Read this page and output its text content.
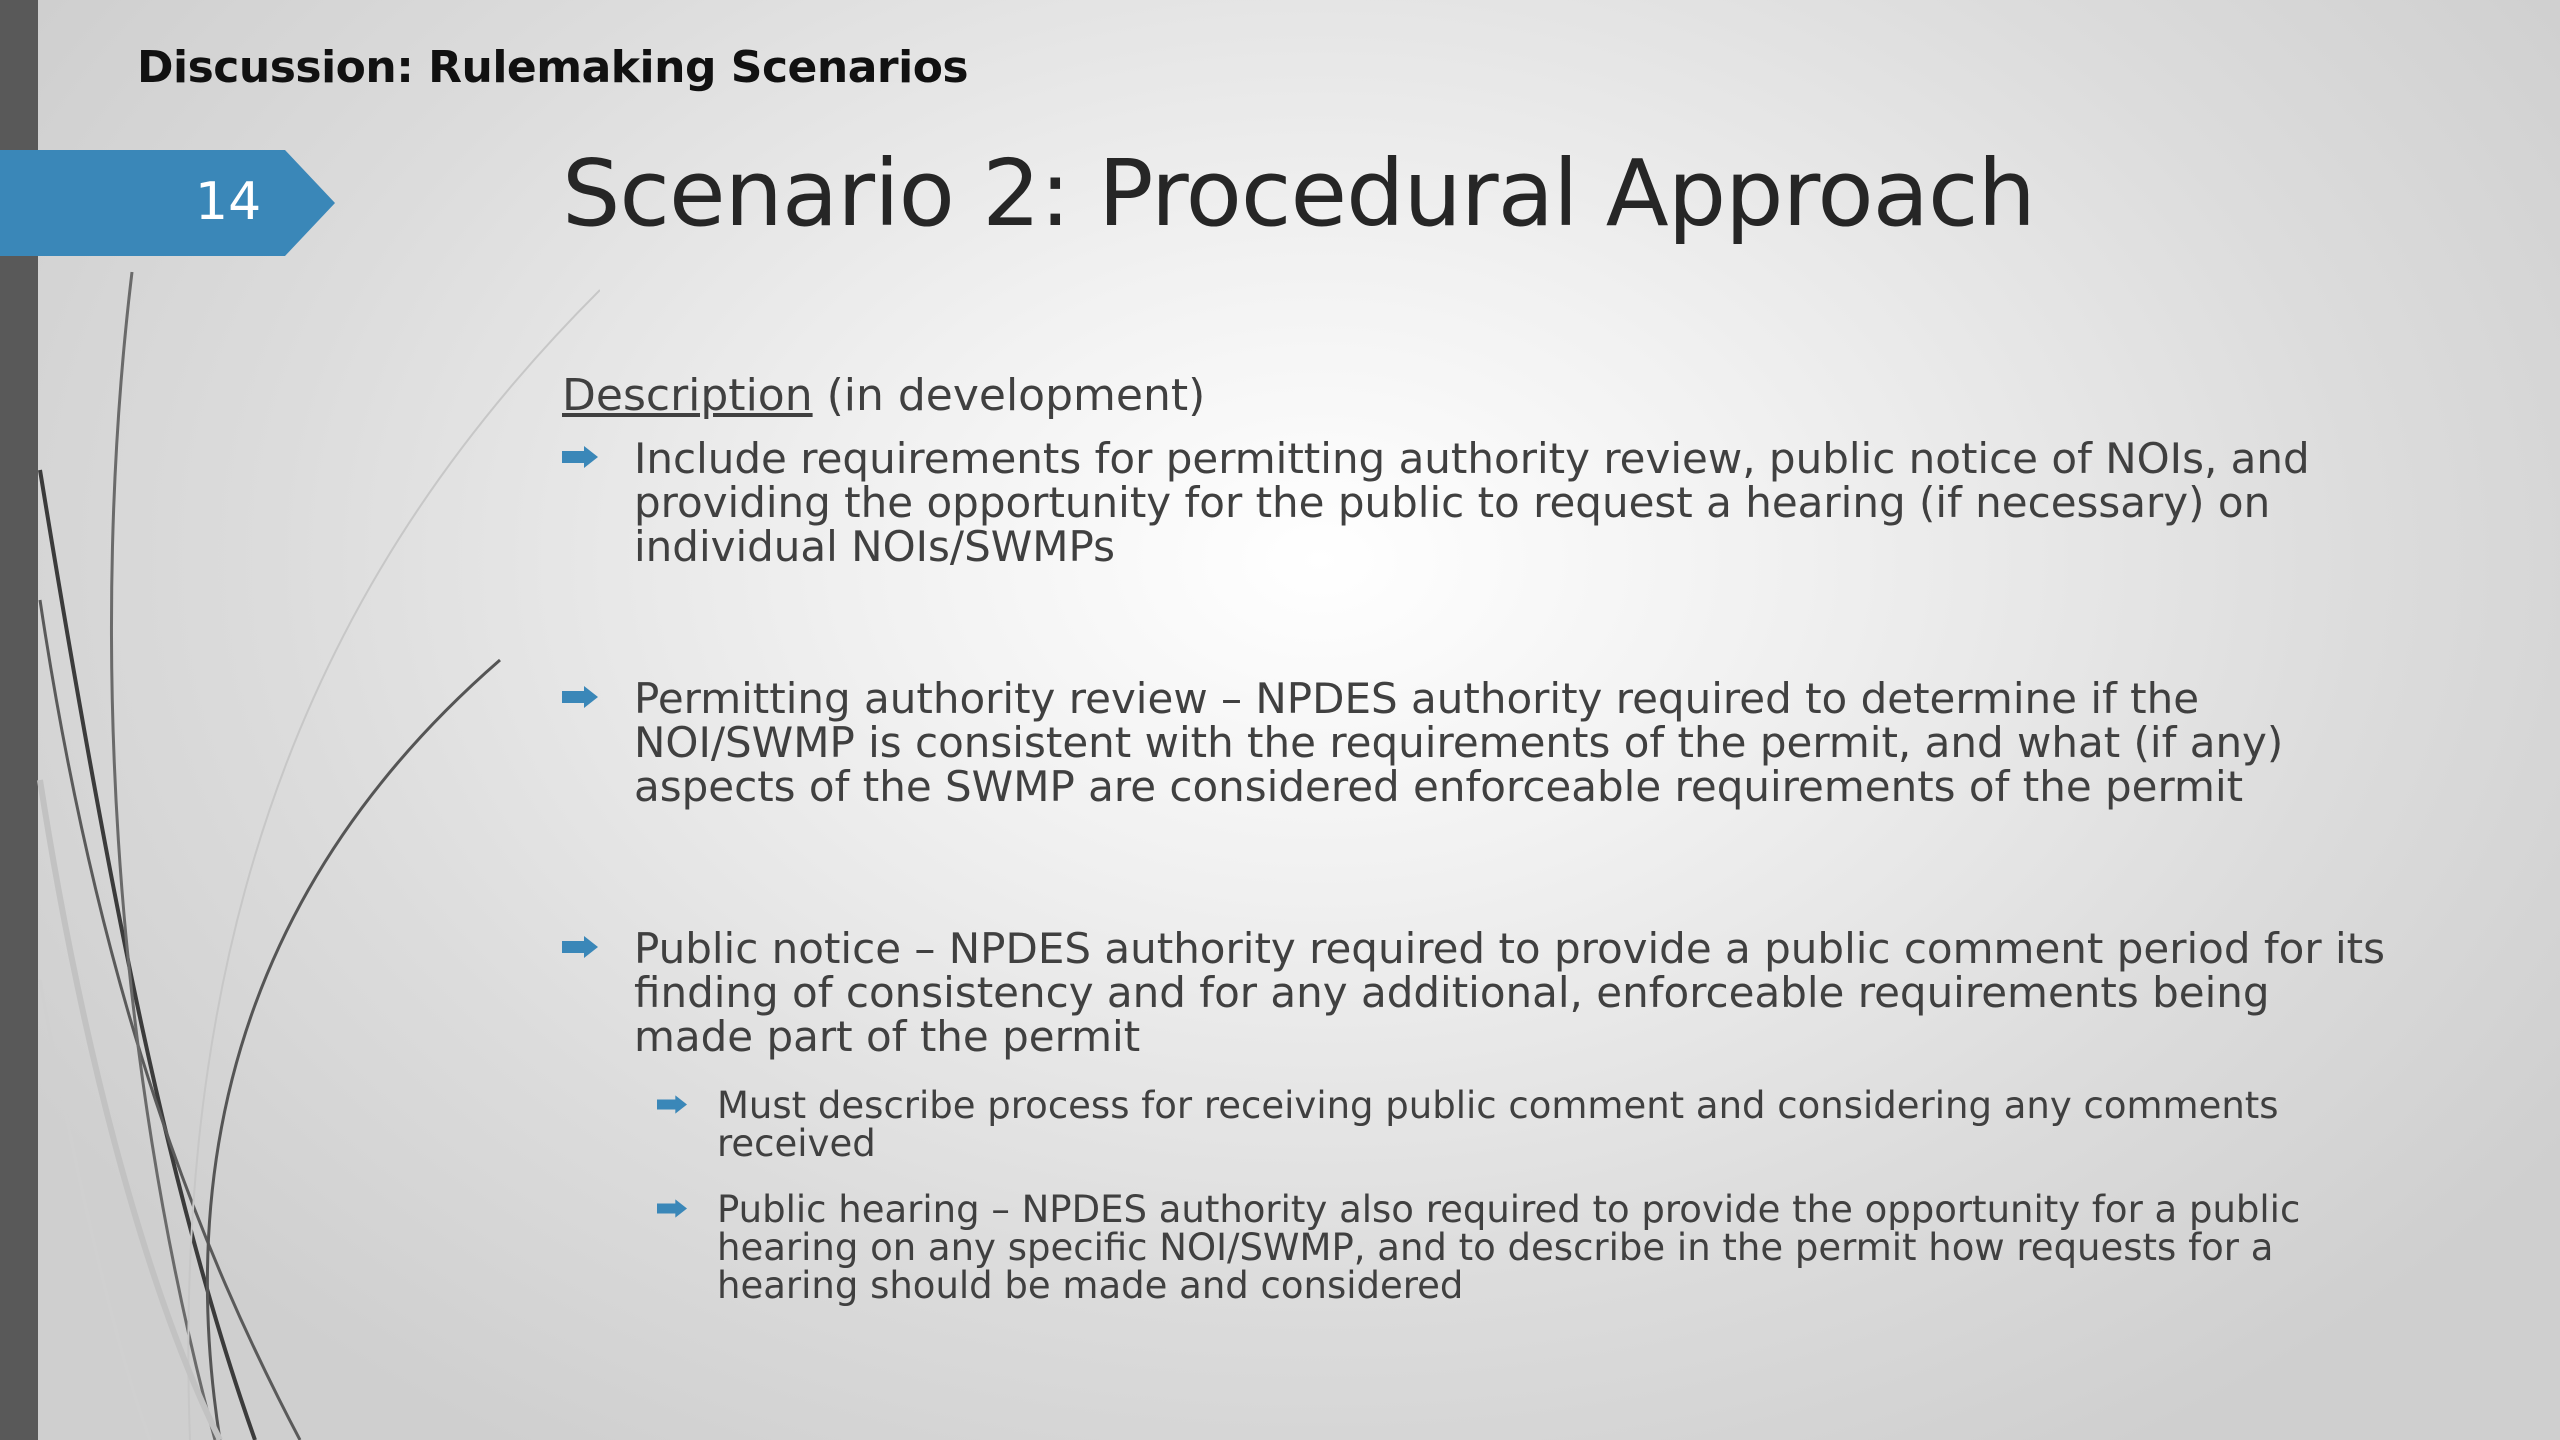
Discussion: Rulemaking Scenarios
14	Scenario 2: Procedural Approach

Description (in development)

Include requirements for permitting authority review, public notice of NOIs, and providing the opportunity for the public to request a hearing (if necessary) on individual NOIs/SWMPs
Permitting authority review – NPDES authority required to determine if the NOI/SWMP is consistent with the requirements of the permit, and what (if any) aspects of the SWMP are considered enforceable requirements of the permit
Public notice – NPDES authority required to provide a public comment period for its finding of consistency and for any additional, enforceable requirements being made part of the permit
Must describe process for receiving public comment and considering any comments received
Public hearing – NPDES authority also required to provide the opportunity for a public hearing on any specific NOI/SWMP, and to describe in the permit how requests for a hearing should be made and considered
